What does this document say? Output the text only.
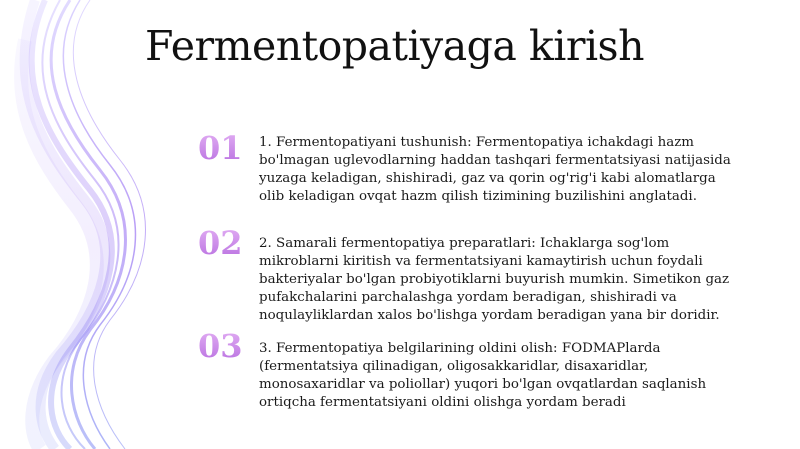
Fermentopatiyaga kirish
01	1. Fermentopatiyani tushunish: Fermentopatiya ichakdagi hazm bo'lmagan uglevodlarning haddan tashqari fermentatsiyasi natijasida yuzaga keladigan, shishiradi, gaz va qorin og'rig'i kabi alomatlarga olib keladigan ovqat hazm qilish tizimining buzilishini anglatadi.

02	2. Samarali fermentopatiya preparatlari: Ichaklarga sog'lom mikroblarni kiritish va fermentatsiyani kamaytirish uchun foydali bakteriyalar bo'lgan probiyotiklarni buyurish mumkin. Simetikon gaz pufakchalarini parchalashga yordam beradigan, shishiradi va noqulayliklardan xalos bo'lishga yordam beradigan yana bir doridir.

03	3. Fermentopatiya belgilarining oldini olish: FODMAPlarda (fermentatsiya qilinadigan, oligosakkaridlar, disaxaridlar, monosaxaridlar va poliollar) yuqori bo'lgan ovqatlardan saqlanish ortiqcha fermentatsiyani oldini olishga yordam beradi
